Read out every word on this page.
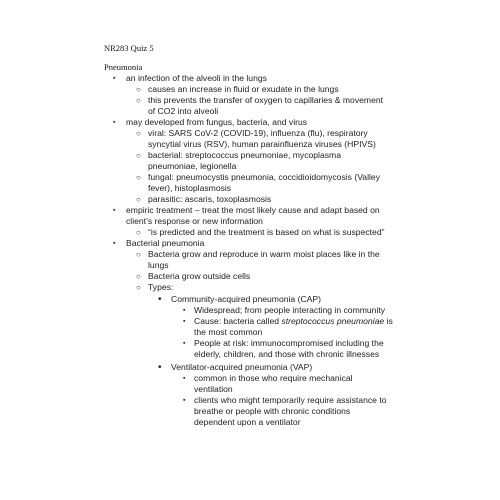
NR283 Quiz 5
Pneumonia
▪ an infection of the alveoli in the lungs
○ causes an increase in fluid or exudate in the lungs
○ this prevents the transfer of oxygen to capillaries & movement
of CO2 into alveoli
▪ may developed from fungus, bacteria, and virus
○ viral: SARS CoV-2 (COVID-19), influenza (flu), respiratory
syncytial virus (RSV), human parainfluenza viruses (HPIVS)
○ bacterial: streptococcus pneumoniae, mycoplasma
pneumoniae, legionella
○ fungal: pneumocystis pneumonia, coccidioidomycosis (Valley
fever), histoplasmosis
○ parasitic: ascaris, toxoplasmosis
▪ empiric treatment – treat the most likely cause and adapt based on
client’s response or new information
○ “is predicted and the treatment is based on what is suspected”
▪ Bacterial pneumonia
○ Bacteria grow and reproduce in warm moist places like in the
lungs
○ Bacteria grow outside cells
○ Types:
• Community-acquired pneumonia (CAP)
▪ Widespread; from people interacting in community
▪ Cause: bacteria called streptococcus pneumoniae is
the most common
▪ People at risk: immunocompromised including the
elderly, children, and those with chronic illnesses
• Ventilator-acquired pneumonia (VAP)
▪ common in those who require mechanical
ventilation
▪ clients who might temporarily require assistance to
breathe or people with chronic conditions
dependent upon a ventilator
